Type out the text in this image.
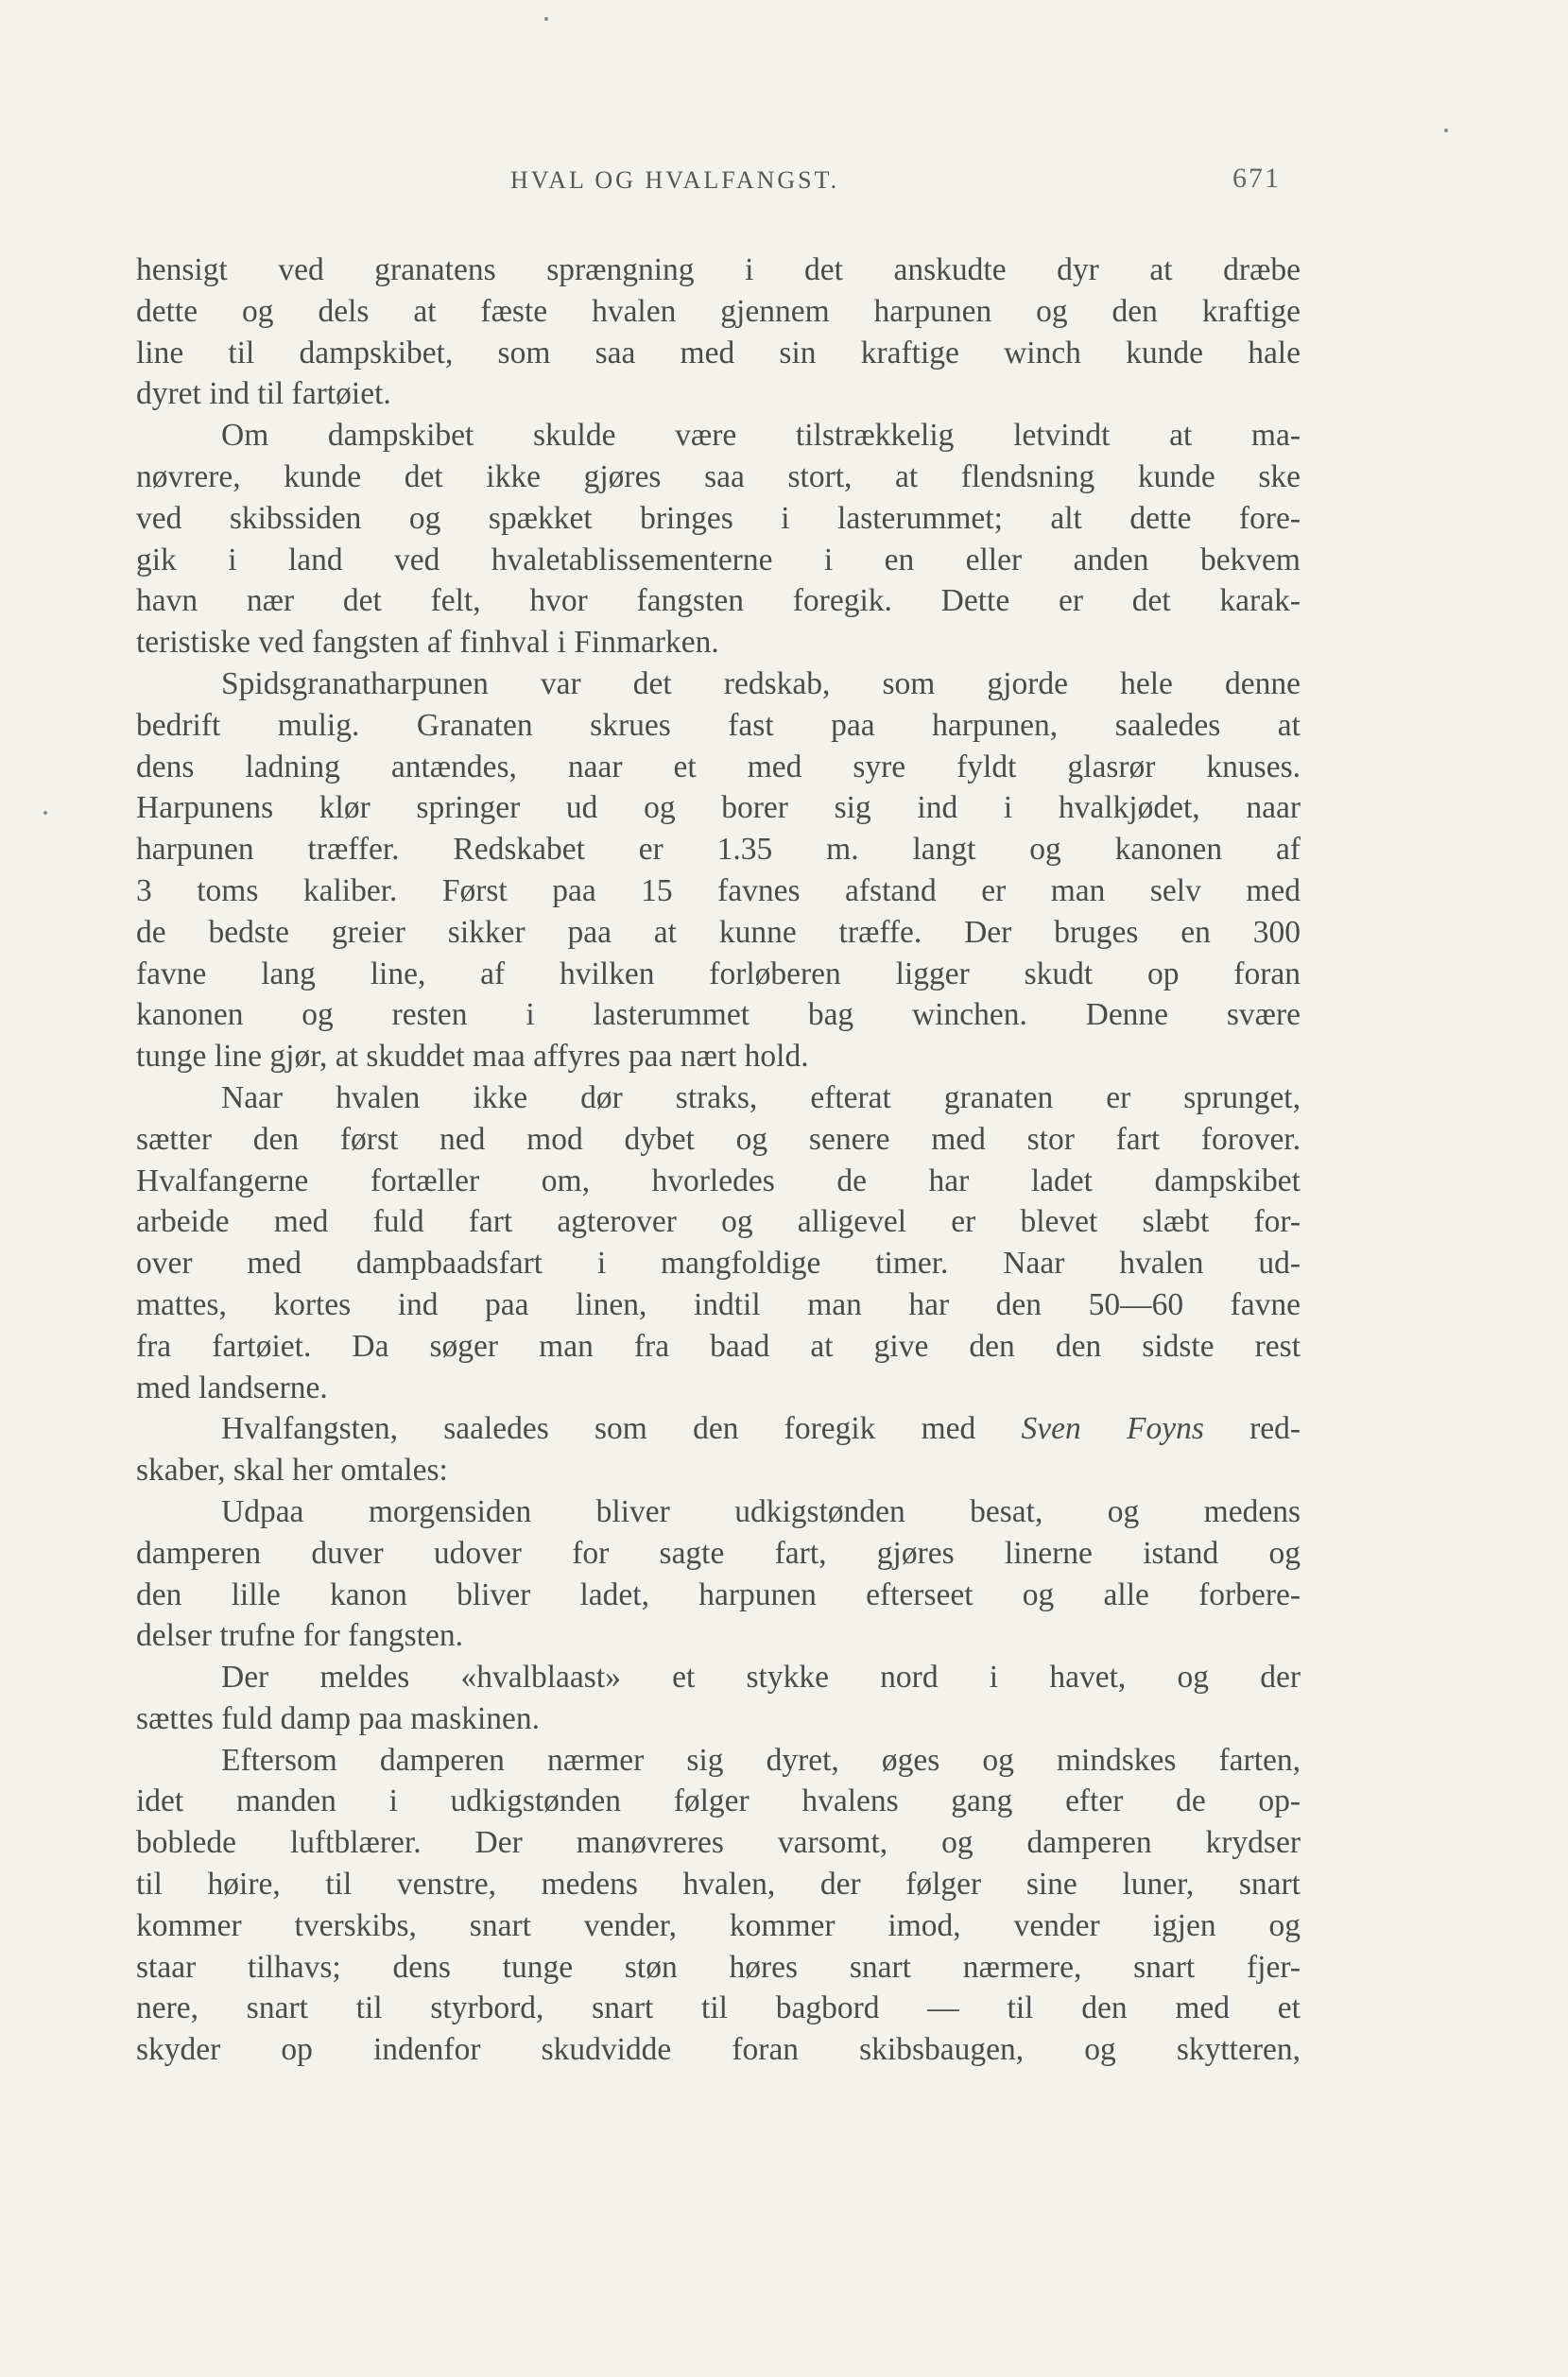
HVAL OG HVALFANGST.	671
hensigt ved granatens sprængning i det anskudte dyr at dræbe
dette og dels at fæste hvalen gjennem harpunen og den kraftige
line til dampskibet, som saa med sin kraftige winch kunde hale
dyret ind til fartøiet.
Om dampskibet skulde være tilstrækkelig letvindt at ma-
nøvrere, kunde det ikke gjøres saa stort, at flendsning kunde ske
ved skibssiden og spækket bringes i lasterummet; alt dette fore-
gik i land ved hvaletablissementerne i en eller anden bekvem
havn nær det felt, hvor fangsten foregik. Dette er det karak-
teristiske ved fangsten af finhval i Finmarken.
Spidsgranatharpunen var det redskab, som gjorde hele denne
bedrift mulig. Granaten skrues fast paa harpunen, saaledes at
dens ladning antændes, naar et med syre fyldt glasrør knuses.
Harpunens klør springer ud og borer sig ind i hvalkjødet, naar
harpunen træffer. Redskabet er 1.35 m. langt og kanonen af
3 toms kaliber. Først paa 15 favnes afstand er man selv med
de bedste greier sikker paa at kunne træffe. Der bruges en 300
favne lang line, af hvilken forløberen ligger skudt op foran
kanonen og resten i lasterummet bag winchen. Denne svære
tunge line gjør, at skuddet maa affyres paa nært hold.
Naar hvalen ikke dør straks, efterat granaten er sprunget,
sætter den først ned mod dybet og senere med stor fart forover.
Hvalfangerne fortæller om, hvorledes de har ladet dampskibet
arbeide med fuld fart agterover og alligevel er blevet slæbt for-
over med dampbaadsfart i mangfoldige timer. Naar hvalen ud-
mattes, kortes ind paa linen, indtil man har den 50—60 favne
fra fartøiet. Da søger man fra baad at give den den sidste rest
med landserne.
Hvalfangsten, saaledes som den foregik med Sven Foyns red-
skaber, skal her omtales:
Udpaa morgensiden bliver udkigstønden besat, og medens
damperen duver udover for sagte fart, gjøres linerne istand og
den lille kanon bliver ladet, harpunen efterseet og alle forbere-
delser trufne for fangsten.
Der meldes «hvalblaast» et stykke nord i havet, og der
sættes fuld damp paa maskinen.
Eftersom damperen nærmer sig dyret, øges og mindskes farten,
idet manden i udkigstønden følger hvalens gang efter de op-
boblede luftblærer. Der manøvreres varsomt, og damperen krydser
til høire, til venstre, medens hvalen, der følger sine luner, snart
kommer tverskibs, snart vender, kommer imod, vender igjen og
staar tilhavs; dens tunge støn høres snart nærmere, snart fjer-
nere, snart til styrbord, snart til bagbord — til den med et
skyder op indenfor skudvidde foran skibsbaugen, og skytteren,
